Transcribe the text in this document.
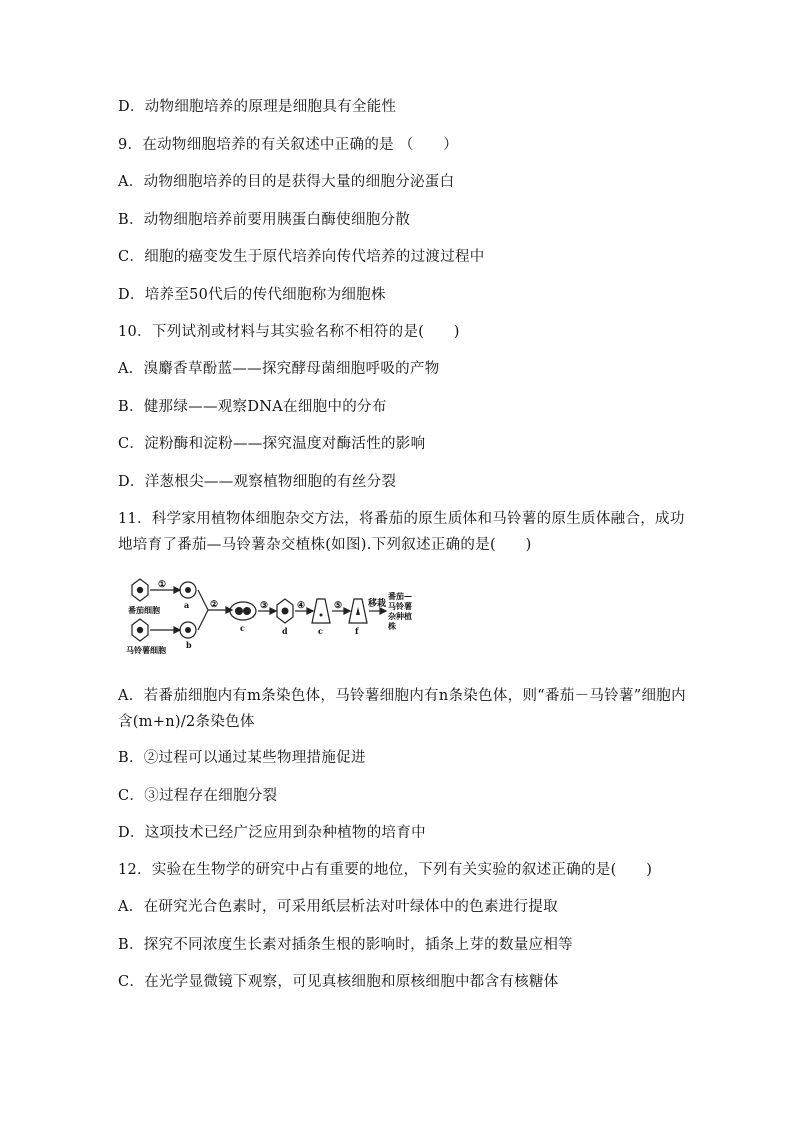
D．动物细胞培养的原理是细胞具有全能性
9．在动物细胞培养的有关叙述中正确的是 （　　）
A．动物细胞培养的目的是获得大量的细胞分泌蛋白
B．动物细胞培养前要用胰蛋白酶使细胞分散
C．细胞的癌变发生于原代培养向传代培养的过渡过程中
D．培养至50代后的传代细胞称为细胞株
10．下列试剂或材料与其实验名称不相符的是(　　)
A．溴麝香草酚蓝——探究酵母菌细胞呼吸的产物
B．健那绿——观察DNA在细胞中的分布
C．淀粉酶和淀粉——探究温度对酶活性的影响
D．洋葱根尖——观察植物细胞的有丝分裂
11．科学家用植物体细胞杂交方法，将番茄的原生质体和马铃薯的原生质体融合，成功地培育了番茄—马铃薯杂交植株(如图).下列叙述正确的是(　　)
①
②	③	④	⑤	移栽
a
b
c	d	c	f
番茄细胞
马铃薯细胞
番茄—
马铃薯
杂种植
株
A．若番茄细胞内有m条染色体，马铃薯细胞内有n条染色体，则“番茄－马铃薯”细胞内含(m+n)/2条染色体
B．②过程可以通过某些物理措施促进
C．③过程存在细胞分裂
D．这项技术已经广泛应用到杂种植物的培育中
12．实验在生物学的研究中占有重要的地位，下列有关实验的叙述正确的是(　　)
A．在研究光合色素时，可采用纸层析法对叶绿体中的色素进行提取
B．探究不同浓度生长素对插条生根的影响时，插条上芽的数量应相等
C．在光学显微镜下观察，可见真核细胞和原核细胞中都含有核糖体
